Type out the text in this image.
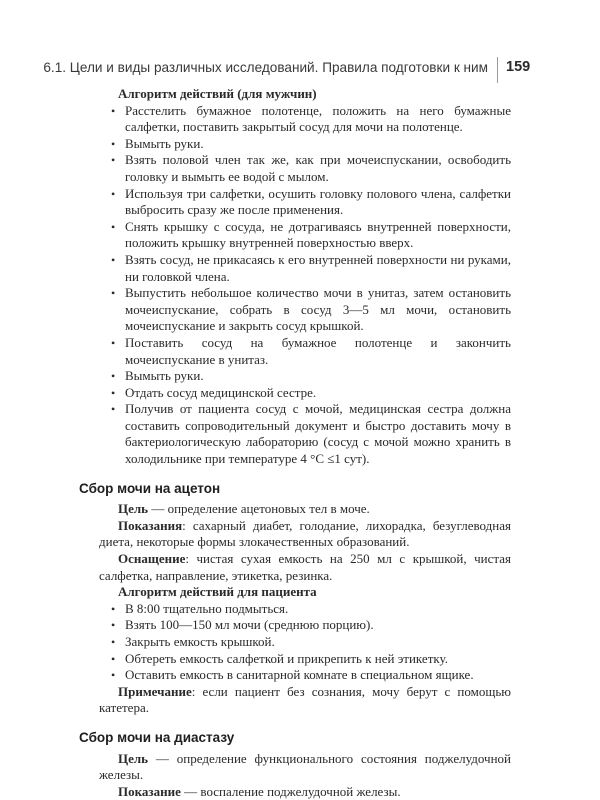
6.1. Цели и виды различных исследований. Правила подготовки к ним 159

Алгоритм действий (для мужчин)

• Расстелить бумажное полотенце, положить на него бумажные салфетки, поставить закрытый сосуд для мочи на полотенце.
• Вымыть руки.
• Взять половой член так же, как при мочеиспускании, освободить головку и вымыть ее водой с мылом.
• Используя три салфетки, осушить головку полового члена, салфетки выбросить сразу же после применения.
• Снять крышку с сосуда, не дотрагиваясь внутренней поверхности, положить крышку внутренней поверхностью вверх.
• Взять сосуд, не прикасаясь к его внутренней поверхности ни руками, ни головкой члена.
• Выпустить небольшое количество мочи в унитаз, затем остановить мочеиспускание, собрать в сосуд 3—5 мл мочи, остановить мочеиспускание и закрыть сосуд крышкой.
• Поставить сосуд на бумажное полотенце и закончить мочеиспускание в унитаз.
• Вымыть руки.
• Отдать сосуд медицинской сестре.
• Получив от пациента сосуд с мочой, медицинская сестра должна составить сопроводительный документ и быстро доставить мочу в бактериологическую лабораторию (сосуд с мочой можно хранить в холодильнике при температуре 4 °С ≤1 сут).
Сбор мочи на ацетон

Цель — определение ацетоновых тел в моче.

Показания: сахарный диабет, голодание, лихорадка, безуглеводная диета, некоторые формы злокачественных образований.

Оснащение: чистая сухая емкость на 250 мл с крышкой, чистая салфетка, направление, этикетка, резинка.

Алгоритм действий для пациента

• В 8:00 тщательно подмыться.
• Взять 100—150 мл мочи (среднюю порцию).
• Закрыть емкость крышкой.
• Обтереть емкость салфеткой и прикрепить к ней этикетку.
• Оставить емкость в санитарной комнате в специальном ящике.

Примечание: если пациент без сознания, мочу берут с помощью катетера.

Сбор мочи на диастазу

Цель — определение функционального состояния поджелудочной железы.

Показание — воспаление поджелудочной железы.
